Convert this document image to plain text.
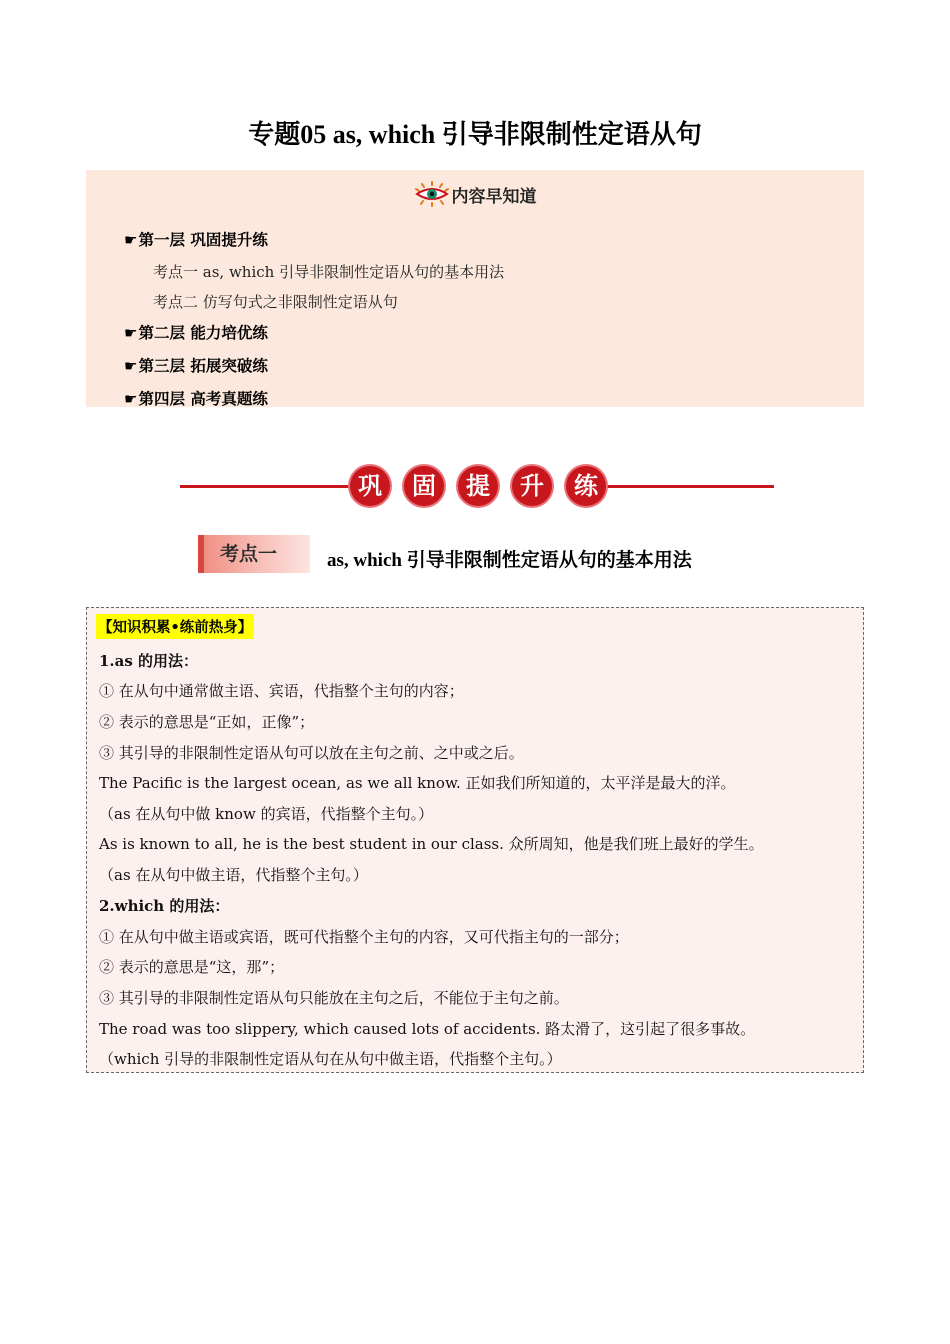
专题05 as, which 引导非限制性定语从句
内容早知道
☛第一层 巩固提升练
考点一 as, which 引导非限制性定语从句的基本用法
考点二 仿写句式之非限制性定语从句
☛第二层 能力培优练
☛第三层 拓展突破练
☛第四层 高考真题练
巩	固	提	升	练
考点一	as, which 引导非限制性定语从句的基本用法
【知识积累•练前热身】
1.as 的用法：
① 在从句中通常做主语、宾语，代指整个主句的内容；
② 表示的意思是“正如，正像”；
③ 其引导的非限制性定语从句可以放在主句之前、之中或之后。
The Pacific is the largest ocean, as we all know. 正如我们所知道的，太平洋是最大的洋。
（as 在从句中做 know 的宾语，代指整个主句。）
As is known to all, he is the best student in our class. 众所周知，他是我们班上最好的学生。
（as 在从句中做主语，代指整个主句。）
2.which 的用法：
① 在从句中做主语或宾语，既可代指整个主句的内容，又可代指主句的一部分；
② 表示的意思是“这，那”；
③ 其引导的非限制性定语从句只能放在主句之后，不能位于主句之前。
The road was too slippery, which caused lots of accidents. 路太滑了，这引起了很多事故。
（which 引导的非限制性定语从句在从句中做主语，代指整个主句。）
